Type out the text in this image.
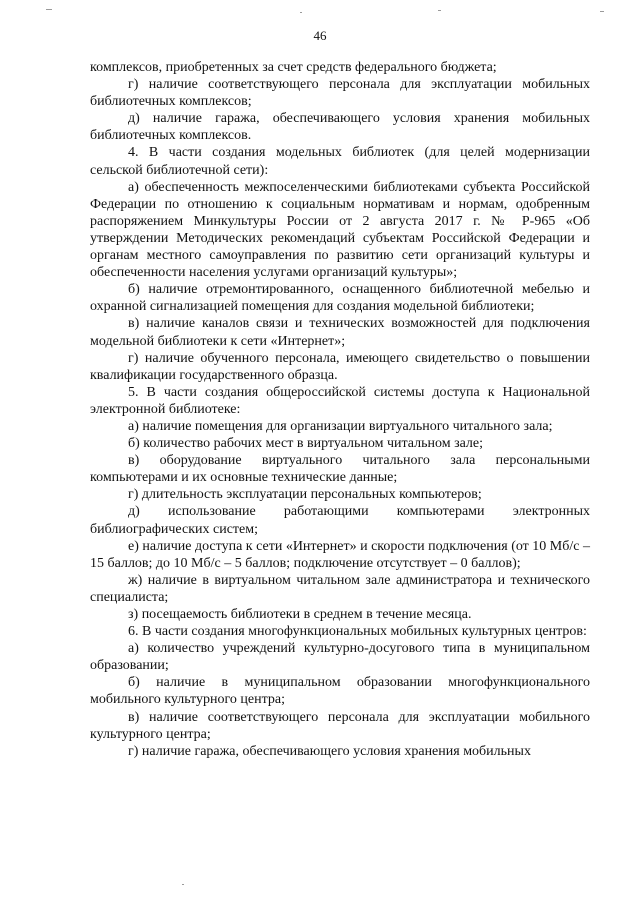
46

комплексов, приобретенных за счет средств федерального бюджета;

г) наличие соответствующего персонала для эксплуатации мобильных библиотечных комплексов;

д) наличие гаража, обеспечивающего условия хранения мобильных библиотечных комплексов.

4. В части создания модельных библиотек (для целей модернизации сельской библиотечной сети):

а) обеспеченность межпоселенческими библиотеками субъекта Российской Федерации по отношению к социальным нормативам и нормам, одобренным распоряжением Минкультуры России от 2 августа 2017 г. № Р-965 «Об утверждении Методических рекомендаций субъектам Российской Федерации и органам местного самоуправления по развитию сети организаций культуры и обеспеченности населения услугами организаций культуры»;

б) наличие отремонтированного, оснащенного библиотечной мебелью и охранной сигнализацией помещения для создания модельной библиотеки;

в) наличие каналов связи и технических возможностей для подключения модельной библиотеки к сети «Интернет»;

г) наличие обученного персонала, имеющего свидетельство о повышении квалификации государственного образца.

5. В части создания общероссийской системы доступа к Национальной электронной библиотеке:

а) наличие помещения для организации виртуального читального зала;

б) количество рабочих мест в виртуальном читальном зале;

в) оборудование виртуального читального зала персональными компьютерами и их основные технические данные;

г) длительность эксплуатации персональных компьютеров;

д) использование работающими компьютерами электронных библиографических систем;

е) наличие доступа к сети «Интернет» и скорости подключения (от 10 Мб/с – 15 баллов; до 10 Мб/с – 5 баллов; подключение отсутствует – 0 баллов);

ж) наличие в виртуальном читальном зале администратора и технического специалиста;

з) посещаемость библиотеки в среднем в течение месяца.

6. В части создания многофункциональных мобильных культурных центров:

а) количество учреждений культурно-досугового типа в муниципальном образовании;

б) наличие в муниципальном образовании многофункционального мобильного культурного центра;

в) наличие соответствующего персонала для эксплуатации мобильного культурного центра;

г) наличие гаража, обеспечивающего условия хранения мобильных
